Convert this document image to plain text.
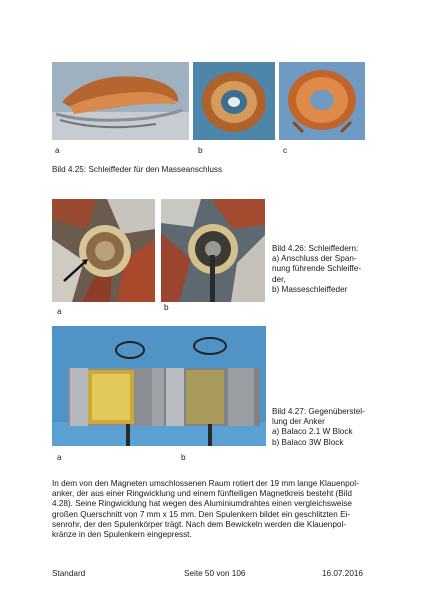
a	b	c
Bild 4.25: Schleiffeder für den Masseanschluss
a	b
Bild 4.26: Schleiffedern:
a) Anschluss der Span-
nung führende Schleiffe-
der,
b) Masseschleiffeder
a	b
Bild 4.27: Gegenüberstel-
lung der Anker
a) Balaco 2.1 W Block
b) Balaco 3W Block
In dem von den Magneten umschlossenen Raum rotiert der 19 mm lange Klauenpol-
anker, der aus einer Ringwicklung und einem fünfteiligen Magnetkreis besteht (Bild
4.28). Seine Ringwicklung hat wegen des Aluminiumdrahtes einen vergleichsweise
großen Querschnitt von 7 mm x 15 mm. Den Spulenkern bildet ein geschlitzten Ei-
senrohr, der den Spulenkörper trägt. Nach dem Bewickeln werden die Klauenpol-
kränze in den Spulenkern eingepresst.
Standard	Seite 50 von 106	16.07.2016
